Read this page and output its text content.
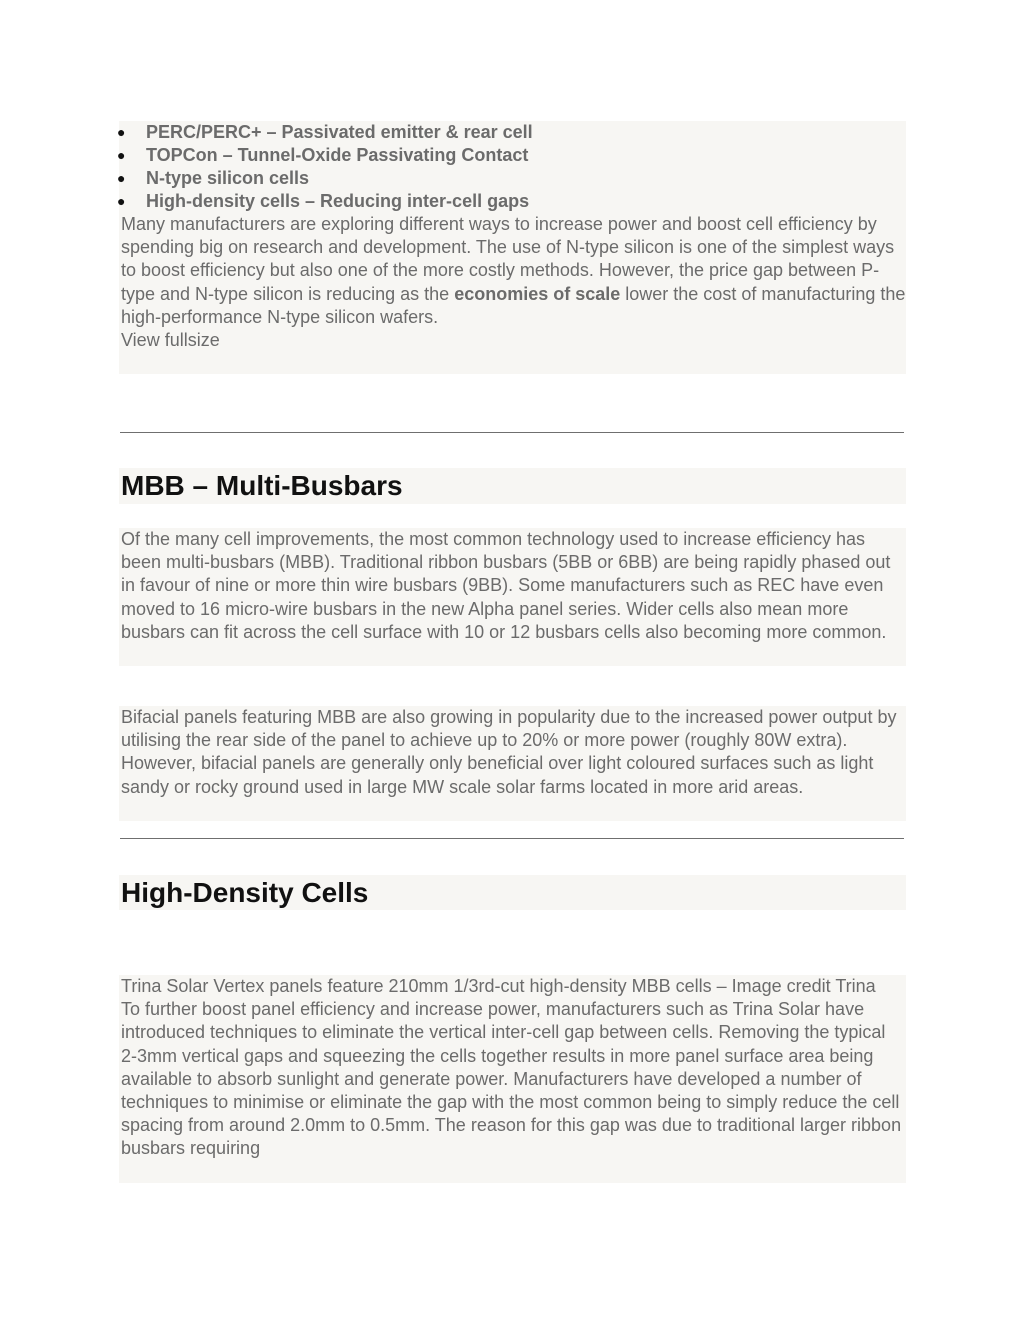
● PERC/PERC+ – Passivated emitter & rear cell
● TOPCon – Tunnel-Oxide Passivating Contact
● N-type silicon cells
● High-density cells – Reducing inter-cell gaps

Many manufacturers are exploring different ways to increase power and boost cell efficiency by spending big on research and development. The use of N-type silicon is one of the simplest ways to boost efficiency but also one of the more costly methods. However, the price gap between P-type and N-type silicon is reducing as the economies of scale lower the cost of manufacturing the high-performance N-type silicon wafers.

View fullsize

MBB – Multi-Busbars

Of the many cell improvements, the most common technology used to increase efficiency has been multi-busbars (MBB). Traditional ribbon busbars (5BB or 6BB) are being rapidly phased out in favour of nine or more thin wire busbars (9BB). Some manufacturers such as REC have even moved to 16 micro-wire busbars in the new Alpha panel series. Wider cells also mean more busbars can fit across the cell surface with 10 or 12 busbars cells also becoming more common.

Bifacial panels featuring MBB are also growing in popularity due to the increased power output by utilising the rear side of the panel to achieve up to 20% or more power (roughly 80W extra). However, bifacial panels are generally only beneficial over light coloured surfaces such as light sandy or rocky ground used in large MW scale solar farms located in more arid areas.

High-Density Cells

Trina Solar Vertex panels feature 210mm 1/3rd-cut high-density MBB cells – Image credit Trina

To further boost panel efficiency and increase power, manufacturers such as Trina Solar have introduced techniques to eliminate the vertical inter-cell gap between cells. Removing the typical 2-3mm vertical gaps and squeezing the cells together results in more panel surface area being available to absorb sunlight and generate power. Manufacturers have developed a number of techniques to minimise or eliminate the gap with the most common being to simply reduce the cell spacing from around 2.0mm to 0.5mm. The reason for this gap was due to traditional larger ribbon busbars requiring
